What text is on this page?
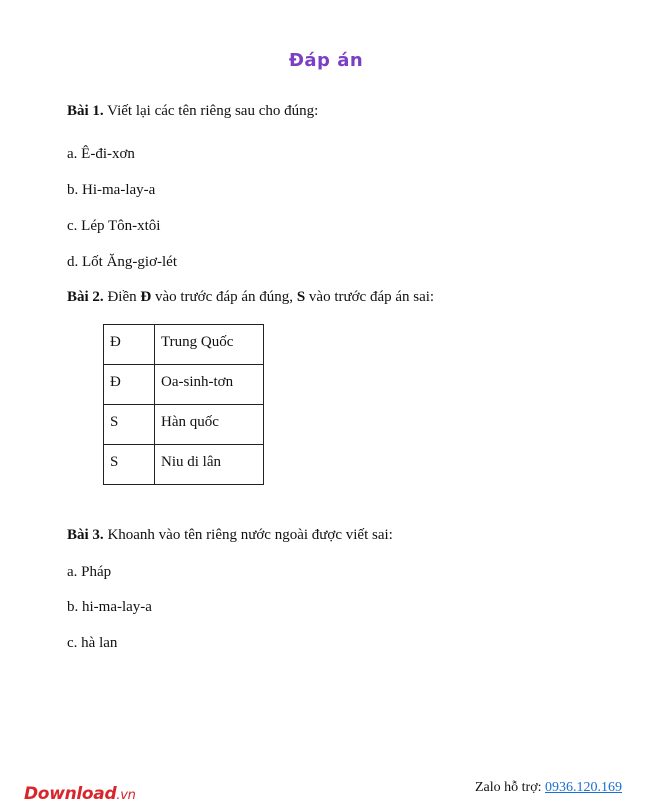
Đáp án
Bài 1. Viết lại các tên riêng sau cho đúng:
a. Ê-đi-xơn
b. Hi-ma-lay-a
c. Lép Tôn-xtôi
d. Lốt Ăng-giơ-lét
Bài 2. Điền Đ vào trước đáp án đúng, S vào trước đáp án sai:
Đ	Trung Quốc
Đ	Oa-sinh-tơn
S	Hàn quốc
S	Niu di lân
Bài 3. Khoanh vào tên riêng nước ngoài được viết sai:
a. Pháp
b. hi-ma-lay-a
c. hà lan
Download.vn
Zalo hỗ trợ: 0936.120.169
